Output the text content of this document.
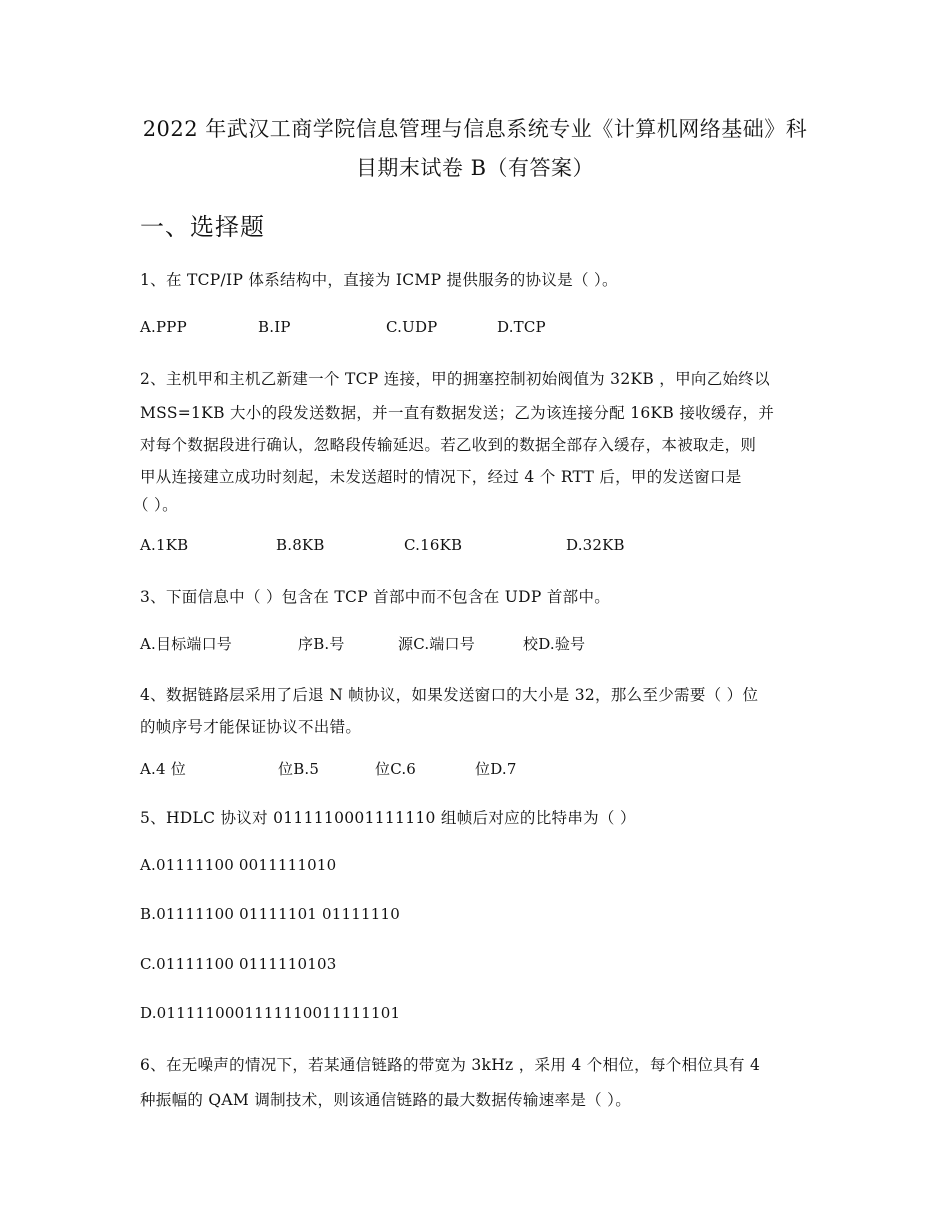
2022 年武汉工商学院信息管理与信息系统专业《计算机网络基础》科
目期末试卷 B（有答案）
一、选择题
1、在 TCP/IP 体系结构中，直接为 ICMP 提供服务的协议是（ ）。
A.PPP	B.IP	C.UDP	D.TCP
2、主机甲和主机乙新建一个 TCP 连接，甲的拥塞控制初始阀值为 32KB ，甲向乙始终以
MSS=1KB 大小的段发送数据，并一直有数据发送；乙为该连接分配 16KB 接收缓存，并
对每个数据段进行确认，忽略段传输延迟。若乙收到的数据全部存入缓存，本被取走，则
甲从连接建立成功时刻起，未发送超时的情况下，经过 4 个 RTT 后，甲的发送窗口是
（ ）。
A.1KB	B.8KB	C.16KB	D.32KB
3、下面信息中（ ）包含在 TCP 首部中而不包含在 UDP 首部中。
A.目标端口号	序B.号	源C.端口号	校D.验号
4、数据链路层采用了后退 N 帧协议，如果发送窗口的大小是 32，那么至少需要（ ）位
的帧序号才能保证协议不出错。
A.4 位	位B.5	位C.6	位D.7
5、HDLC 协议对 0111110001111110 组帧后对应的比特串为（ ）
A.01111100 0011111010
B.01111100 01111101 01111110
C.01111100 0111110103
D.0111110001111110011111101
6、在无噪声的情况下，若某通信链路的带宽为 3kHz ，采用 4 个相位，每个相位具有 4
种振幅的 QAM 调制技术，则该通信链路的最大数据传输速率是（ ）。
